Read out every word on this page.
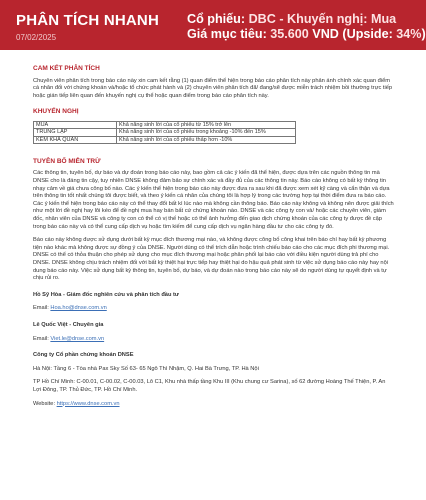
PHÂN TÍCH NHANH
07/02/2025
Cổ phiếu: DBC - Khuyến nghị: Mua
Giá mục tiêu: 35.600 VND (Upside: 34%)
CAM KẾT PHÂN TÍCH

Chuyên viên phân tích trong báo cáo này xin cam kết rằng (1) quan điểm thể hiện trong báo cáo phân tích này phản ánh chính xác quan điểm cá nhân đối với chứng khoán và/hoặc tổ chức phát hành và (2) chuyên viên phân tích đã/ đang/sẽ được miễn trách nhiệm bồi thường trực tiếp hoặc gián tiếp liên quan đến khuyến nghị cụ thể hoặc quan điểm trong báo cáo phân tích này.

KHUYẾN NGHỊ
MUA	Khả năng sinh lời của cổ phiếu từ 15% trở lên
TRUNG LẬP	Khả năng sinh lời của cổ phiếu trong khoảng -10% đến 15%
KÉM KHẢ QUAN	Khả năng sinh lời của cổ phiếu thấp hơn -10%
TUYÊN BỐ MIỄN TRỪ

Các thông tin, tuyên bố, dự báo và dự đoán trong báo cáo này, bao gồm cả các ý kiến đã thể hiện, được dựa trên các nguồn thông tin mà DNSE cho là đáng tin cậy, tuy nhiên DNSE không đảm bảo sự chính xác và đầy đủ của các thông tin này. Báo cáo không có bất kỳ thông tin nhạy cảm về giá chưa công bố nào. Các ý kiến thể hiện trong báo cáo này được đưa ra sau khi đã được xem xét kỹ càng và cẩn thận và dựa trên thông tin tốt nhất chúng tôi được biết, và theo ý kiến cá nhân của chúng tôi là hợp lý trong các trường hợp tại thời điểm đưa ra báo cáo. Các ý kiến thể hiện trong báo cáo này có thể thay đổi bất kì lúc nào mà không cần thông báo. Báo cáo này không và không nên được giải thích như một lời đề nghị hay lôi kéo để đề nghị mua hay bán bất cứ chứng khoán nào. DNSE và các công ty con và/ hoặc các chuyên viên, giám đốc, nhân viên của DNSE và công ty con có thể có vị thế hoặc có thể ảnh hưởng đến giao dịch chứng khoán của các công ty được đề cập trong báo cáo này và có thể cung cấp dịch vụ hoặc tìm kiếm để cung cấp dịch vụ ngân hàng đầu tư cho các công ty đó.

Báo cáo này không được sử dụng dưới bất kỳ mục đích thương mại nào, và không được công bố công khai trên báo chí hay bất kỳ phương tiện nào khác mà không được sự đồng ý của DNSE. Người dùng có thể trích dẫn hoặc trình chiếu báo cáo cho các mục đích phi thương mại. DNSE có thể có thỏa thuận cho phép sử dụng cho mục đích thương mại hoặc phân phối lại báo cáo với điều kiện người dùng trả phí cho DNSE. DNSE không chịu trách nhiệm đối với bất kỳ thiệt hại trực tiếp hay thiệt hại do hậu quả phát sinh từ việc sử dụng báo cáo này hay nội dung báo cáo này. Việc sử dụng bất kỳ thông tin, tuyên bố, dự báo, và dự đoán nào trong báo cáo này sẽ do người dùng tự quyết định và tự chịu rủi ro.

Hồ Sỹ Hòa - Giám đốc nghiên cứu và phân tích đầu tư
Email: Hoa.ho@dnse.com.vn
Lê Quốc Việt - Chuyên gia
Email: Viet.le@dnse.com.vn
Công ty Cổ phần chứng khoán DNSE
Hà Nội: Tầng 6 - Tòa nhà Pax Sky Số 63- 65 Ngô Thì Nhậm, Q. Hai Bà Trưng, TP. Hà Nội
TP Hồ Chí Minh: C-00.01, C-00.02, C-00.03, Lô C1, Khu nhà thấp tầng Khu III (Khu chung cư Sarina), số 62 đường Hoàng Thế Thiện, P. An Lợi Đông, TP. Thủ Đức, TP. Hồ Chí Minh.
Website: https://www.dnse.com.vn
